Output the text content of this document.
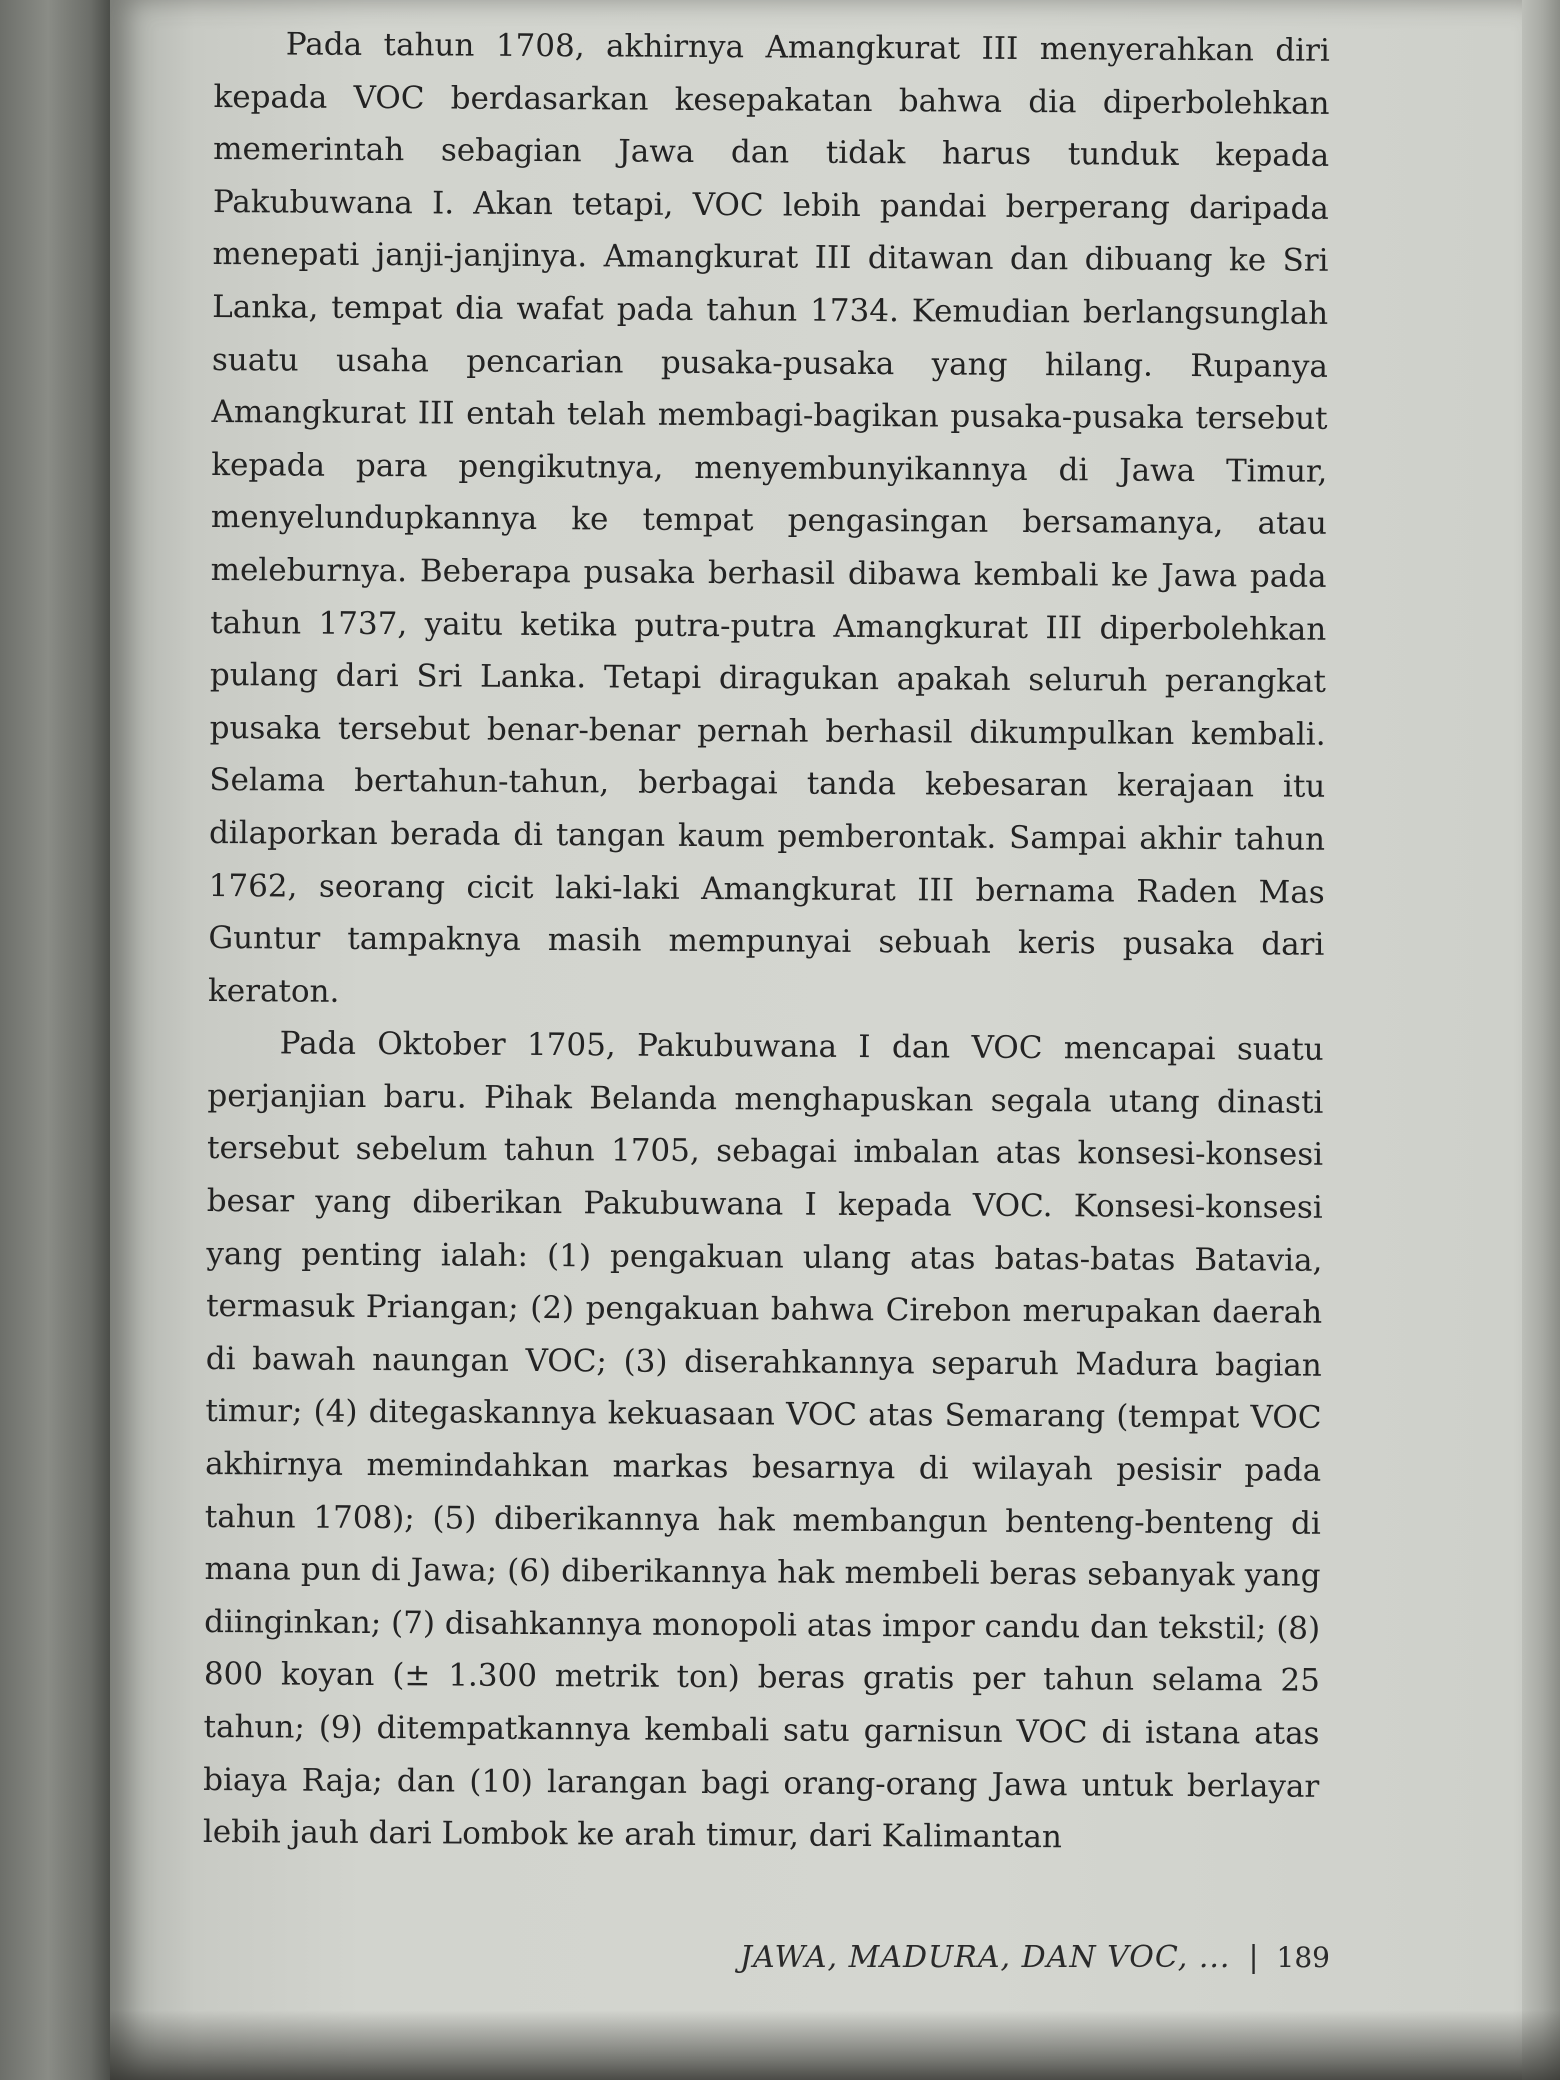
Pada tahun 1708, akhirnya Amangkurat III menyerahkan diri kepada VOC berdasarkan kesepakatan bahwa dia diperbolehkan memerintah sebagian Jawa dan tidak harus tunduk kepada Pakubuwana I. Akan tetapi, VOC lebih pandai berperang daripada menepati janji-janjinya. Amangkurat III ditawan dan dibuang ke Sri Lanka, tempat dia wafat pada tahun 1734. Kemudian berlangsunglah suatu usaha pencarian pusaka-pusaka yang hilang. Rupanya Amangkurat III entah telah membagi-bagikan pusaka-pusaka tersebut kepada para pengikutnya, menyembunyikannya di Jawa Timur, menyelundupkannya ke tempat pengasingan bersamanya, atau meleburnya. Beberapa pusaka berhasil dibawa kembali ke Jawa pada tahun 1737, yaitu ketika putra-putra Amangkurat III diperbolehkan pulang dari Sri Lanka. Tetapi diragukan apakah seluruh perangkat pusaka tersebut benar-benar pernah berhasil dikumpulkan kembali. Selama bertahun-tahun, berbagai tanda kebesaran kerajaan itu dilaporkan berada di tangan kaum pemberontak. Sampai akhir tahun 1762, seorang cicit laki-laki Amangkurat III bernama Raden Mas Guntur tampaknya masih mempunyai sebuah keris pusaka dari keraton.

Pada Oktober 1705, Pakubuwana I dan VOC mencapai suatu perjanjian baru. Pihak Belanda menghapuskan segala utang dinasti tersebut sebelum tahun 1705, sebagai imbalan atas konsesi-konsesi besar yang diberikan Pakubuwana I kepada VOC. Konsesi-konsesi yang penting ialah: (1) pengakuan ulang atas batas-batas Batavia, termasuk Priangan; (2) pengakuan bahwa Cirebon merupakan daerah di bawah naungan VOC; (3) diserahkannya separuh Madura bagian timur; (4) ditegaskannya kekuasaan VOC atas Semarang (tempat VOC akhirnya memindahkan markas besarnya di wilayah pesisir pada tahun 1708); (5) diberikannya hak membangun benteng-benteng di mana pun di Jawa; (6) diberikannya hak membeli beras sebanyak yang diinginkan; (7) disahkannya monopoli atas impor candu dan tekstil; (8) 800 koyan (± 1.300 metrik ton) beras gratis per tahun selama 25 tahun; (9) ditempatkannya kembali satu garnisun VOC di istana atas biaya Raja; dan (10) larangan bagi orang-orang Jawa untuk berlayar lebih jauh dari Lombok ke arah timur, dari Kalimantan

JAWA, MADURA, DAN VOC, ... | 189
